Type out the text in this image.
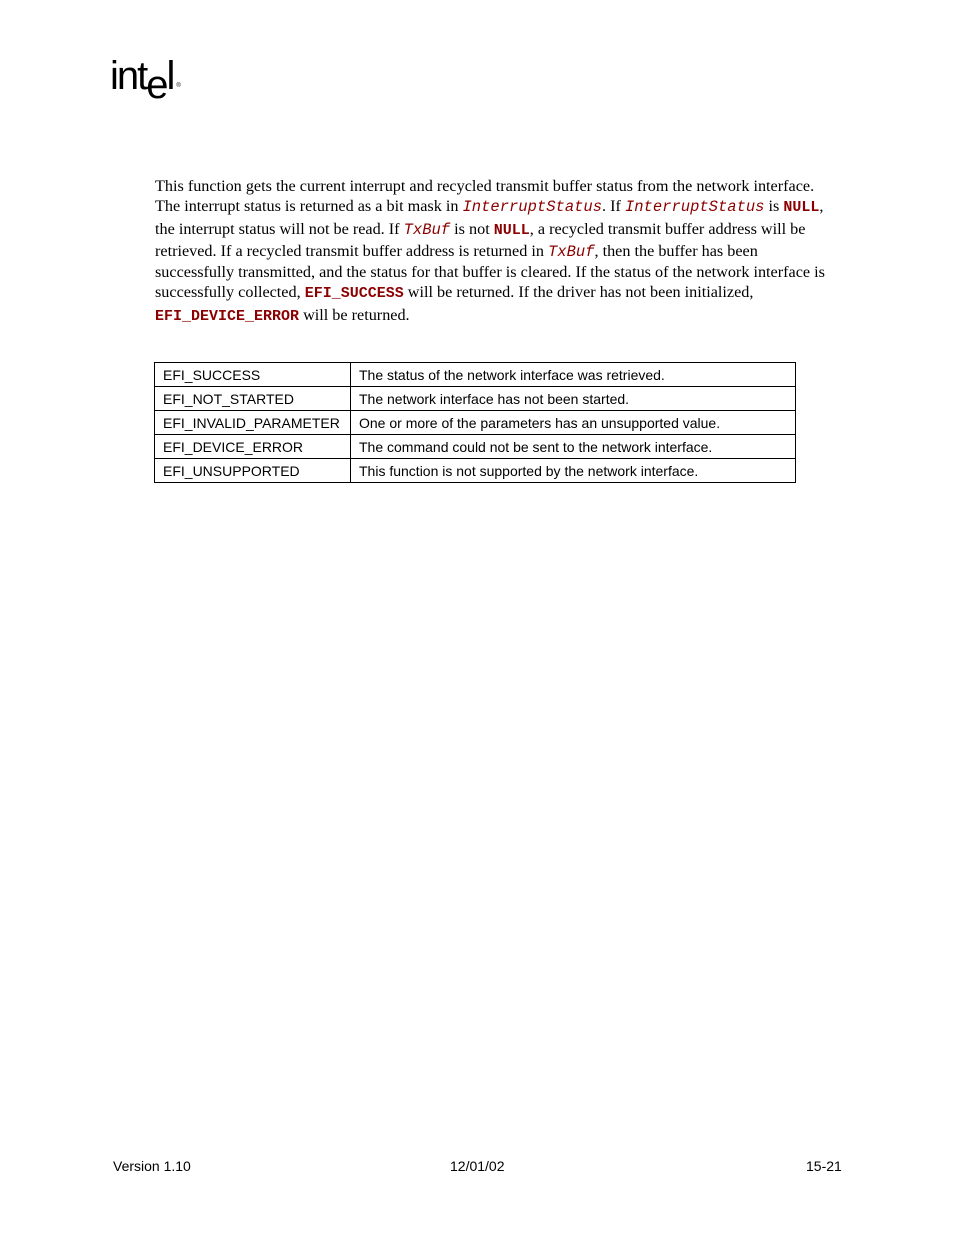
intel ®

This function gets the current interrupt and recycled transmit buffer status from the network interface. The interrupt status is returned as a bit mask in InterruptStatus. If InterruptStatus is NULL, the interrupt status will not be read. If TxBuf is not NULL, a recycled transmit buffer address will be retrieved. If a recycled transmit buffer address is returned in TxBuf, then the buffer has been successfully transmitted, and the status for that buffer is cleared. If the status of the network interface is successfully collected, EFI_SUCCESS will be returned. If the driver has not been initialized, EFI_DEVICE_ERROR will be returned.

EFI_SUCCESS	The status of the network interface was retrieved.
EFI_NOT_STARTED	The network interface has not been started.
EFI_INVALID_PARAMETER	One or more of the parameters has an unsupported value.
EFI_DEVICE_ERROR	The command could not be sent to the network interface.
EFI_UNSUPPORTED	This function is not supported by the network interface.
Version 1.10	12/01/02	15-21
